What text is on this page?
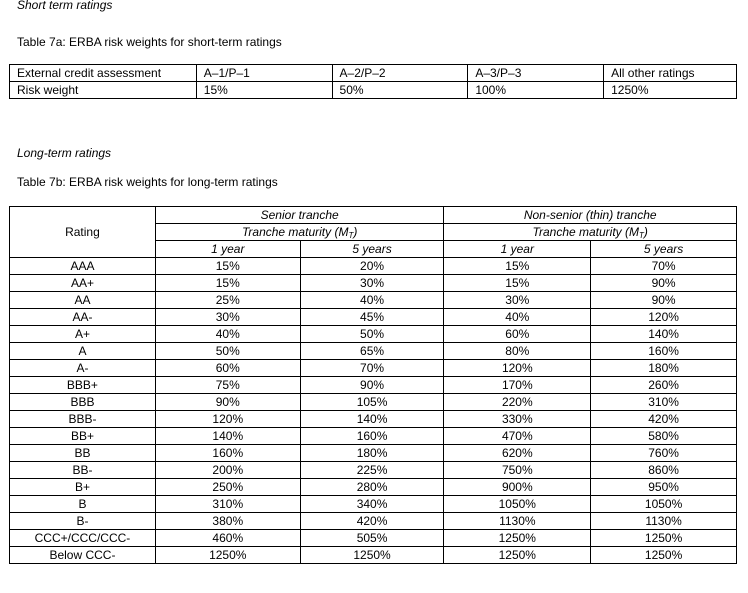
Short term ratings
Table 7a: ERBA risk weights for short-term ratings
External credit assessment	A–1/P–1	A–2/P–2	A–3/P–3	All other ratings
Risk weight	15%	50%	100%	1250%
Long-term ratings
Table 7b: ERBA risk weights for long-term ratings
Rating	Senior tranche		Non-senior (thin) tranche	
	Tranche maturity $(M_T)$		Tranche maturity $(M_T)$	
	1 year	5 years	1 year	5 years
AAA	15%	20%	15%	70%
AA+	15%	30%	15%	90%
AA	25%	40%	30%	90%
AA-	30%	45%	40%	120%
A+	40%	50%	60%	140%
A	50%	65%	80%	160%
A-	60%	70%	120%	180%
BBB+	75%	90%	170%	260%
BBB	90%	105%	220%	310%
BBB-	120%	140%	330%	420%
BB+	140%	160%	470%	580%
BB	160%	180%	620%	760%
BB-	200%	225%	750%	860%
B+	250%	280%	900%	950%
B	310%	340%	1050%	1050%
B-	380%	420%	1130%	1130%
CCC+/CCC/CCC-	460%	505%	1250%	1250%
Below CCC-	1250%	1250%	1250%	1250%
